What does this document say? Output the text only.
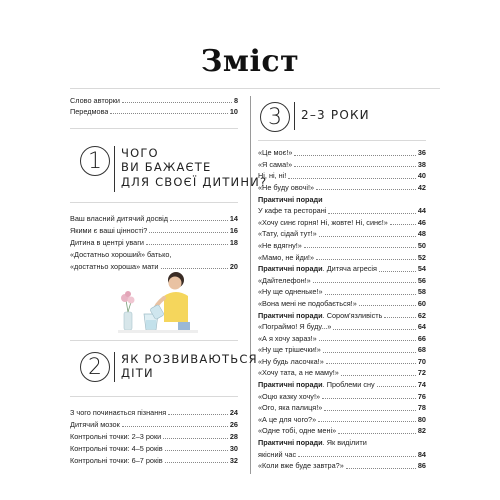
Зміст
Слово авторки	8
Передмова	10
1	ЧОГО
ВИ БАЖАЄТЕ
ДЛЯ СВОЄЇ ДИТИНИ?
Ваш власний дитячий досвід	14
Якими є ваші цінності?	16
Дитина в центрі уваги	18
«Достатньо хороший» батько,
«достатньо хороша» мати	20
2	ЯК РОЗВИВАЮТЬСЯ
ДІТИ
З чого починається пізнання	24
Дитячий мозок	26
Контрольні точки: 2–3 роки	28
Контрольні точки: 4–5 років	30
Контрольні точки: 6–7 років	32
3	2–3 РОКИ
«Це моє!»	36
«Я сама!»	38
Ні, ні, ні!	40
«Не буду овочі!»	42
Практичні поради
У кафе та ресторані	44
«Хочу синє горня! Ні, жовте! Ні, синє!»	46
«Тату, сідай тут!»	48
«Не вдягну!»	50
«Мамо, не йди!»	52
Практичні поради . Дитяча агресія	54
«Дайтелефон!»	56
«Ну ще одненьке!»	58
«Вона мені не подобається!»	60
Практичні поради . Сором'язливість	62
«Пограймо! Я буду...»	64
«А я хочу зараз!»	66
«Ну ще трішечки!»	68
«Ну будь ласочка!»	70
«Хочу тата, а не маму!»	72
Практичні поради . Проблеми сну	74
«Оцю казку хочу!»	76
«Ого, яка палиця!»	78
«А це для чого?»	80
«Одне тобі, одне мені»	82
Практичні поради . Як виділити
якісний час	84
«Коли вже буде завтра?»	86
